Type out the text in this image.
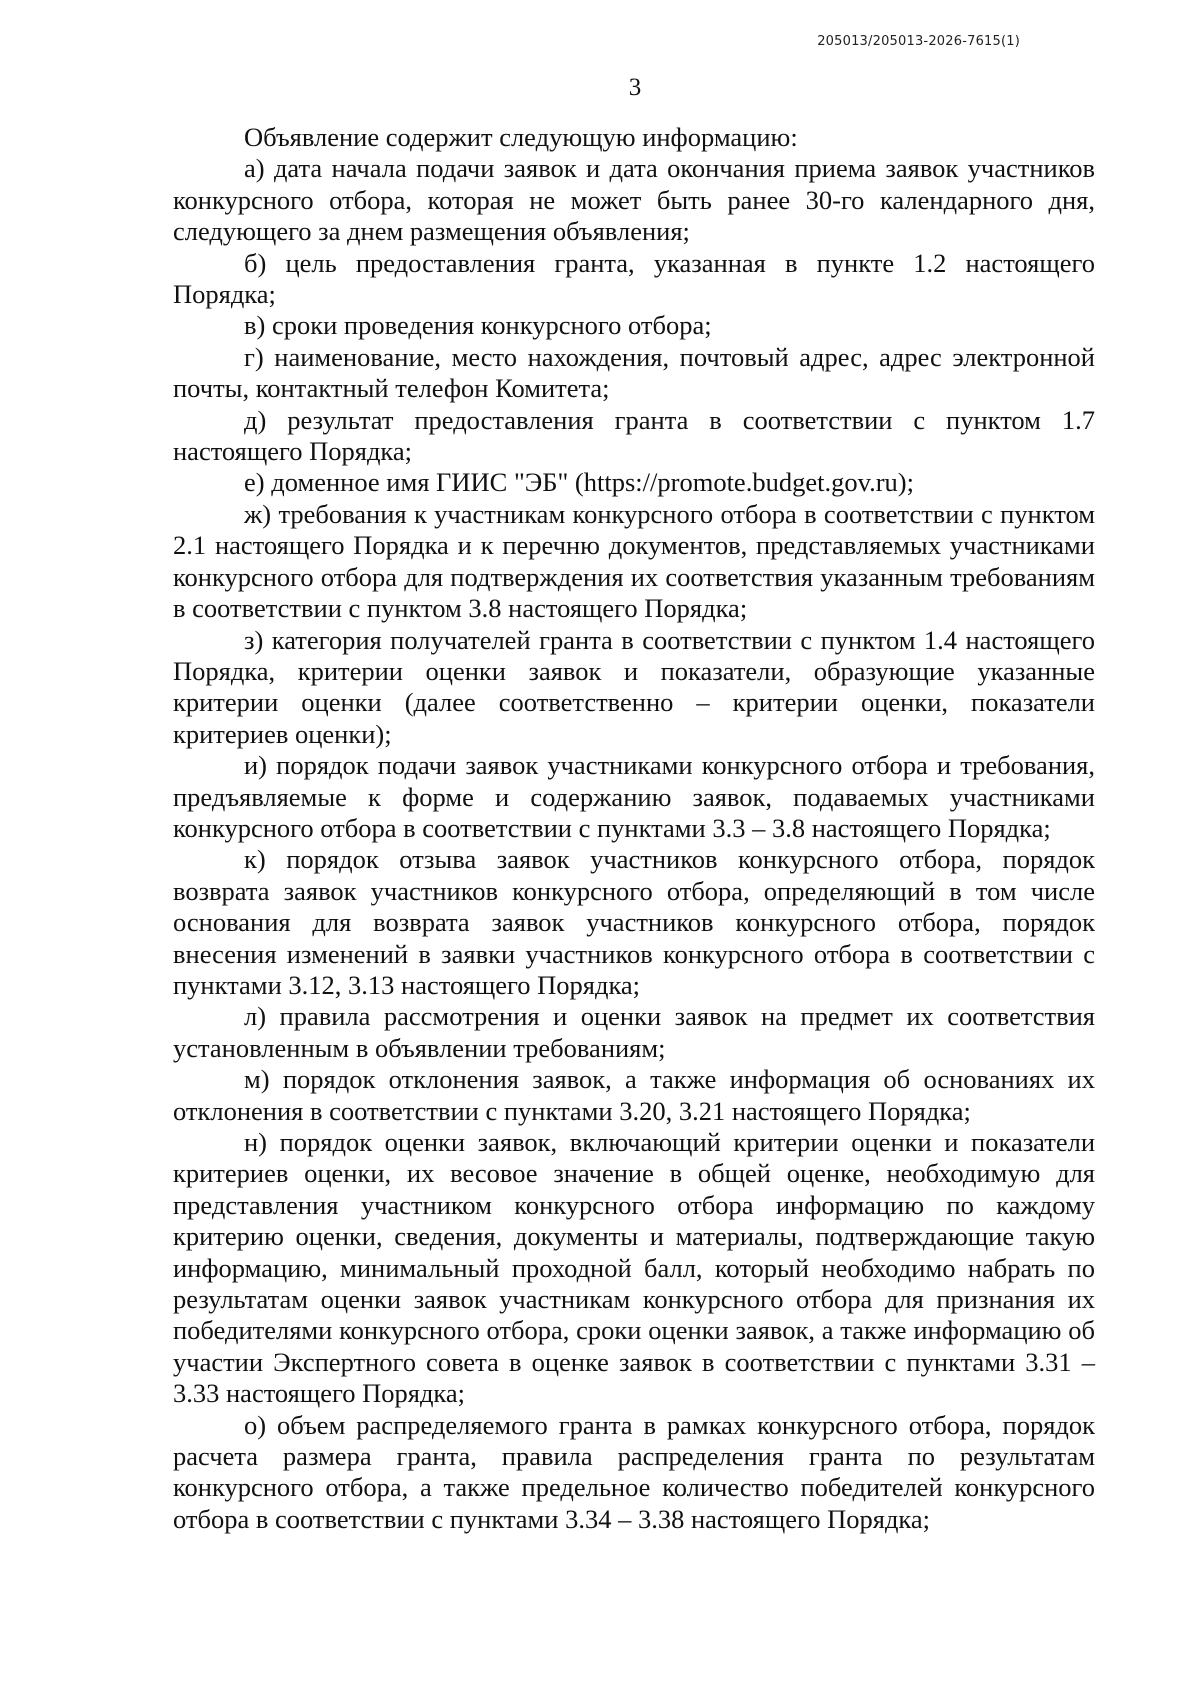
205013/205013-2026-7615(1)
3

Объявление содержит следующую информацию:

а) дата начала подачи заявок и дата окончания приема заявок участников конкурсного отбора, которая не может быть ранее 30-го календарного дня, следующего за днем размещения объявления;

б) цель предоставления гранта, указанная в пункте 1.2 настоящего Порядка;

в) сроки проведения конкурсного отбора;

г) наименование, место нахождения, почтовый адрес, адрес электронной почты, контактный телефон Комитета;

д) результат предоставления гранта в соответствии с пунктом 1.7 настоящего Порядка;

е) доменное имя ГИИС "ЭБ" (https://promote.budget.gov.ru);

ж) требования к участникам конкурсного отбора в соответствии с пунктом 2.1 настоящего Порядка и к перечню документов, представляемых участниками конкурсного отбора для подтверждения их соответствия указанным требованиям в соответствии с пунктом 3.8 настоящего Порядка;

з) категория получателей гранта в соответствии с пунктом 1.4 настоящего Порядка, критерии оценки заявок и показатели, образующие указанные критерии оценки (далее соответственно – критерии оценки, показатели критериев оценки);

и) порядок подачи заявок участниками конкурсного отбора и требования, предъявляемые к форме и содержанию заявок, подаваемых участниками конкурсного отбора в соответствии с пунктами 3.3 – 3.8 настоящего Порядка;

к) порядок отзыва заявок участников конкурсного отбора, порядок возврата заявок участников конкурсного отбора, определяющий в том числе основания для возврата заявок участников конкурсного отбора, порядок внесения изменений в заявки участников конкурсного отбора в соответствии с пунктами 3.12, 3.13 настоящего Порядка;

л) правила рассмотрения и оценки заявок на предмет их соответствия установленным в объявлении требованиям;

м) порядок отклонения заявок, а также информация об основаниях их отклонения в соответствии с пунктами 3.20, 3.21 настоящего Порядка;

н) порядок оценки заявок, включающий критерии оценки и показатели критериев оценки, их весовое значение в общей оценке, необходимую для представления участником конкурсного отбора информацию по каждому критерию оценки, сведения, документы и материалы, подтверждающие такую информацию, минимальный проходной балл, который необходимо набрать по результатам оценки заявок участникам конкурсного отбора для признания их победителями конкурсного отбора, сроки оценки заявок, а также информацию об участии Экспертного совета в оценке заявок в соответствии с пунктами 3.31 – 3.33 настоящего Порядка;

о) объем распределяемого гранта в рамках конкурсного отбора, порядок расчета размера гранта, правила распределения гранта по результатам конкурсного отбора, а также предельное количество победителей конкурсного отбора в соответствии с пунктами 3.34 – 3.38 настоящего Порядка;
